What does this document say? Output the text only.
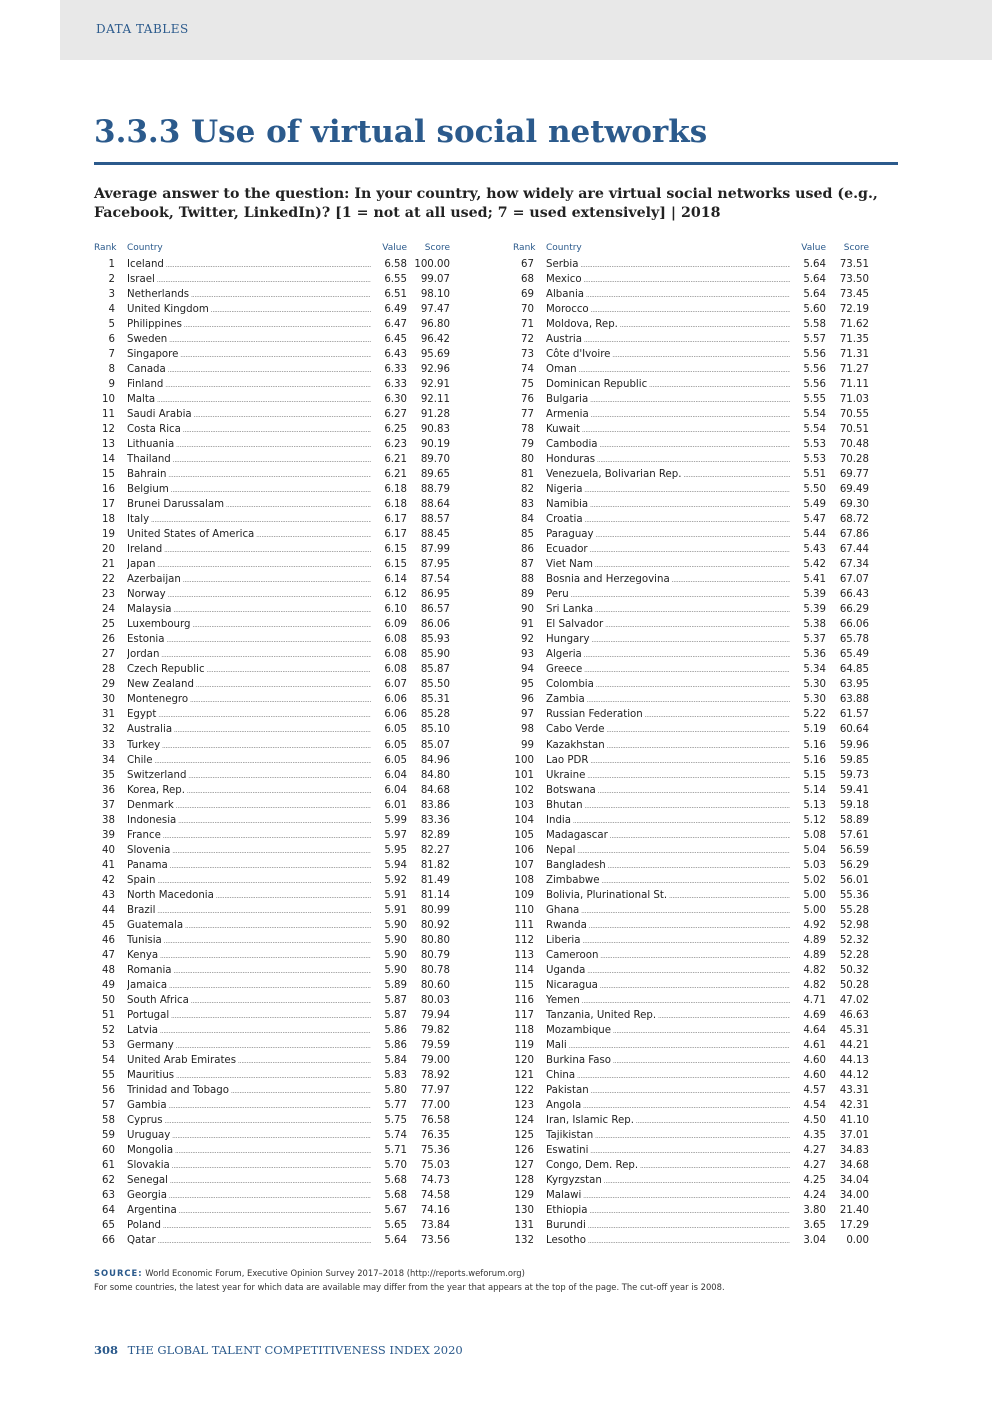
DATA TABLES
3.3.3 Use of virtual social networks

Average answer to the question: In your country, how widely are virtual social networks used (e.g., Facebook, Twitter, LinkedIn)? [1 = not at all used; 7 = used extensively] | 2018

Rank Country	Value Score
1 Iceland .....	6.58 100.00
2 Israel .....	6.55	99.07
3 Netherlands .....	6.51	98.10
4 United Kingdom .....	6.49	97.47
5 Philippines .....	6.47	96.80
6 Sweden .....	6.45	96.42
7 Singapore .....	6.43	95.69
8 Canada .....	6.33	92.96
9 Finland .....	6.33	92.91
10 Malta .....	6.30	92.11
11 Saudi Arabia .....	6.27	91.28
12 Costa Rica .....	6.25	90.83
13 Lithuania .....	6.23	90.19
14 Thailand .....	6.21	89.70
15 Bahrain .....	6.21	89.65
16 Belgium .....	6.18	88.79
17 Brunei Darussalam .....	6.18	88.64
18 Italy .....	6.17	88.57
19 United States of America .....	6.17	88.45
20 Ireland .....	6.15	87.99
21 Japan .....	6.15	87.95
22 Azerbaijan .....	6.14	87.54
23 Norway .....	6.12	86.95
24 Malaysia .....	6.10	86.57
25 Luxembourg .....	6.09	86.06
26 Estonia .....	6.08	85.93
27 Jordan .....	6.08	85.90
28 Czech Republic .....	6.08	85.87
29 New Zealand .....	6.07	85.50
30 Montenegro .....	6.06	85.31
31 Egypt .....	6.06	85.28
32 Australia .....	6.05	85.10
33 Turkey .....	6.05	85.07
34 Chile .....	6.05	84.96
35 Switzerland .....	6.04	84.80
36 Korea, Rep. .....	6.04	84.68
37 Denmark .....	6.01	83.86
38 Indonesia .....	5.99	83.36
39 France .....	5.97	82.89
40 Slovenia .....	5.95	82.27
41 Panama .....	5.94	81.82
42 Spain .....	5.92	81.49
43 North Macedonia .....	5.91	81.14
44 Brazil .....	5.91	80.99
45 Guatemala .....	5.90	80.92
46 Tunisia .....	5.90	80.80
47 Kenya .....	5.90	80.79
48 Romania .....	5.90	80.78
49 Jamaica .....	5.89	80.60
50 South Africa .....	5.87	80.03
51 Portugal .....	5.87	79.94
52 Latvia .....	5.86	79.82
53 Germany .....	5.86	79.59
54 United Arab Emirates .....	5.84	79.00
55 Mauritius .....	5.83	78.92
56 Trinidad and Tobago .....	5.80	77.97
57 Gambia .....	5.77	77.00
58 Cyprus .....	5.75	76.58
59 Uruguay .....	5.74	76.35
60 Mongolia .....	5.71	75.36
61 Slovakia .....	5.70	75.03
62 Senegal .....	5.68	74.73
63 Georgia .....	5.68	74.58
64 Argentina .....	5.67	74.16
65 Poland .....	5.65	73.84
66 Qatar .....	5.64	73.56
Rank Country	Value Score
67 Serbia .....	5.64	73.51
68 Mexico .....	5.64	73.50
69 Albania .....	5.64	73.45
70 Morocco .....	5.60	72.19
71 Moldova, Rep. .....	5.58	71.62
72 Austria .....	5.57	71.35
73 Côte d'Ivoire .....	5.56	71.31
74 Oman .....	5.56	71.27
75 Dominican Republic .....	5.56	71.11
76 Bulgaria .....	5.55	71.03
77 Armenia .....	5.54	70.55
78 Kuwait .....	5.54	70.51
79 Cambodia .....	5.53	70.48
80 Honduras .....	5.53	70.28
81 Venezuela, Bolivarian Rep. .....	5.51	69.77
82 Nigeria .....	5.50	69.49
83 Namibia .....	5.49	69.30
84 Croatia .....	5.47	68.72
85 Paraguay .....	5.44	67.86
86 Ecuador .....	5.43	67.44
87 Viet Nam .....	5.42	67.34
88 Bosnia and Herzegovina .....	5.41	67.07
89 Peru .....	5.39	66.43
90 Sri Lanka .....	5.39	66.29
91 El Salvador .....	5.38	66.06
92 Hungary .....	5.37	65.78
93 Algeria .....	5.36	65.49
94 Greece .....	5.34	64.85
95 Colombia .....	5.30	63.95
96 Zambia .....	5.30	63.88
97 Russian Federation .....	5.22	61.57
98 Cabo Verde .....	5.19	60.64
99 Kazakhstan .....	5.16	59.96
100 Lao PDR .....	5.16	59.85
101 Ukraine .....	5.15	59.73
102 Botswana .....	5.14	59.41
103 Bhutan .....	5.13	59.18
104 India .....	5.12	58.89
105 Madagascar .....	5.08	57.61
106 Nepal .....	5.04	56.59
107 Bangladesh .....	5.03	56.29
108 Zimbabwe .....	5.02	56.01
109 Bolivia, Plurinational St. .....	5.00	55.36
110 Ghana .....	5.00	55.28
111 Rwanda .....	4.92	52.98
112 Liberia .....	4.89	52.32
113 Cameroon .....	4.89	52.28
114 Uganda .....	4.82	50.32
115 Nicaragua .....	4.82	50.28
116 Yemen .....	4.71	47.02
117 Tanzania, United Rep. .....	4.69	46.63
118 Mozambique .....	4.64	45.31
119 Mali .....	4.61	44.21
120 Burkina Faso .....	4.60	44.13
121 China .....	4.60	44.12
122 Pakistan .....	4.57	43.31
123 Angola .....	4.54	42.31
124 Iran, Islamic Rep. .....	4.50	41.10
125 Tajikistan .....	4.35	37.01
126 Eswatini .....	4.27	34.83
127 Congo, Dem. Rep. .....	4.27	34.68
128 Kyrgyzstan .....	4.25	34.04
129 Malawi .....	4.24	34.00
130 Ethiopia .....	3.80	21.40
131 Burundi .....	3.65	17.29
132 Lesotho .....	3.04	0.00
SOURCE: World Economic Forum, Executive Opinion Survey 2017–2018 (http://reports.weforum.org)
For some countries, the latest year for which data are available may differ from the year that appears at the top of the page. The cut-off year is 2008.
308 THE GLOBAL TALENT COMPETITIVENESS INDEX 2020
